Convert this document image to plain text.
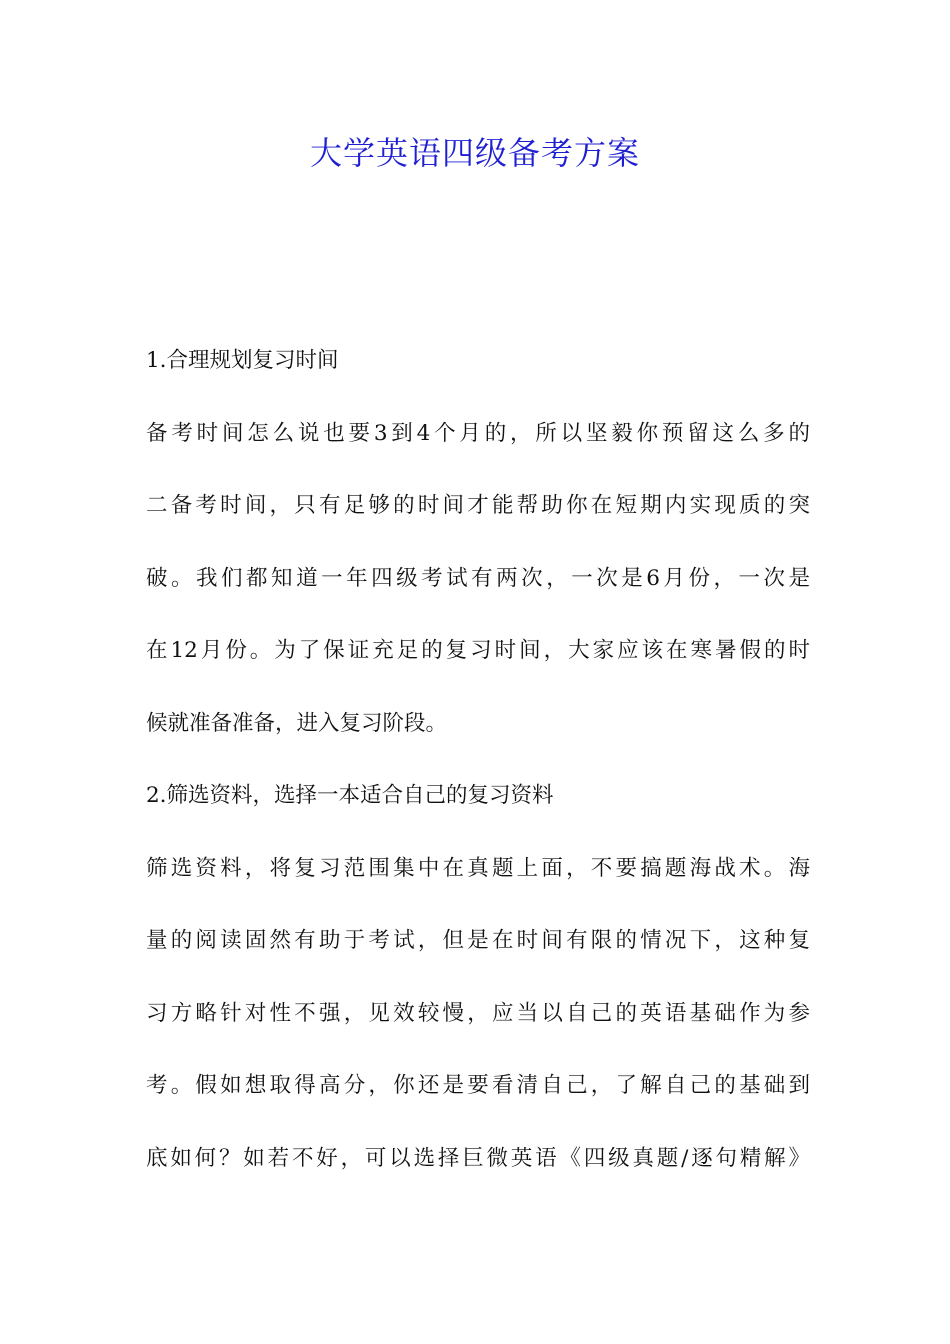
大学英语四级备考方案
1.合理规划复习时间
备考时间怎么说也要3到4个月的，所以坚毅你预留这么多的
二备考时间，只有足够的时间才能帮助你在短期内实现质的突
破。我们都知道一年四级考试有两次，一次是6月份，一次是
在12月份。为了保证充足的复习时间，大家应该在寒暑假的时
候就准备准备，进入复习阶段。
2.筛选资料，选择一本适合自己的复习资料
筛选资料，将复习范围集中在真题上面，不要搞题海战术。海
量的阅读固然有助于考试，但是在时间有限的情况下，这种复
习方略针对性不强，见效较慢，应当以自己的英语基础作为参
考。假如想取得高分，你还是要看清自己，了解自己的基础到
底如何？如若不好，可以选择巨微英语《四级真题/逐句精解》
